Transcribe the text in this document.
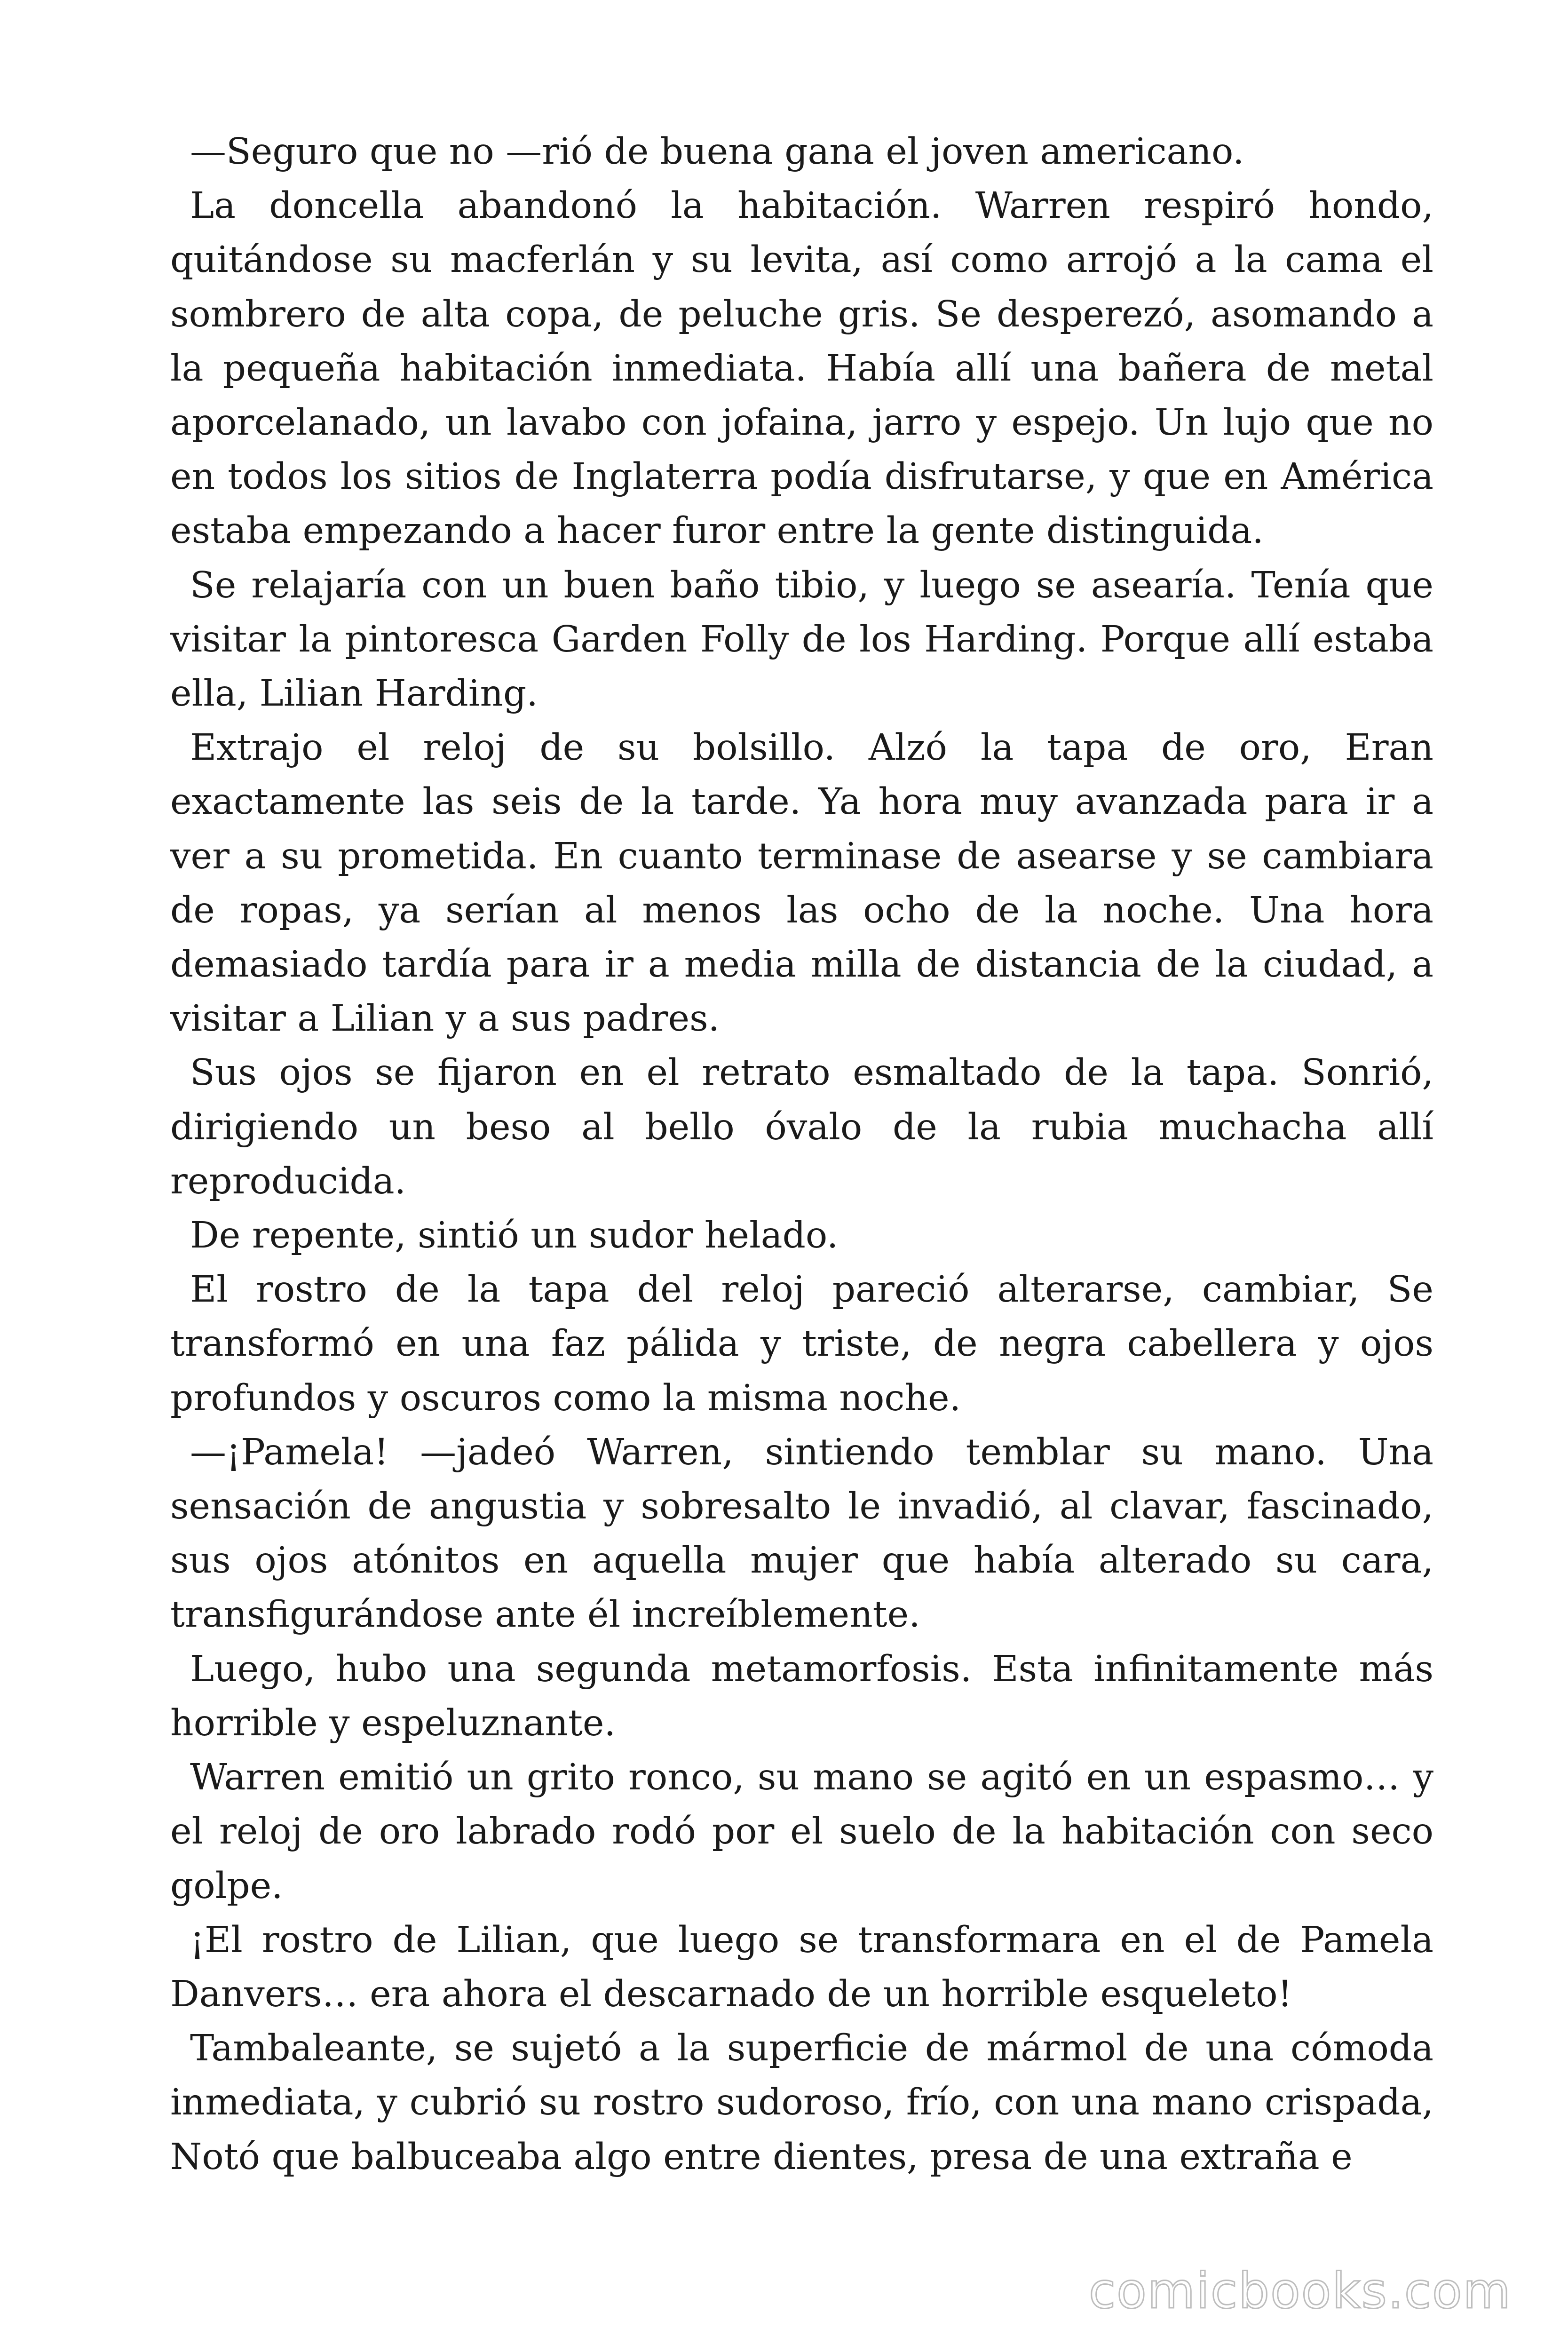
—Seguro que no —rió de buena gana el joven americano.

La doncella abandonó la habitación. Warren respiró hondo, quitándose su macferlán y su levita, así como arrojó a la cama el sombrero de alta copa, de peluche gris. Se desperezó, asomando a la pequeña habitación inmediata. Había allí una bañera de metal aporcelanado, un lavabo con jofaina, jarro y espejo. Un lujo que no en todos los sitios de Inglaterra podía disfrutarse, y que en América estaba empezando a hacer furor entre la gente distinguida.

Se relajaría con un buen baño tibio, y luego se asearía. Tenía que visitar la pintoresca Garden Folly de los Harding. Porque allí estaba ella, Lilian Harding.

Extrajo el reloj de su bolsillo. Alzó la tapa de oro, Eran exactamente las seis de la tarde. Ya hora muy avanzada para ir a ver a su prometida. En cuanto terminase de asearse y se cambiara de ropas, ya serían al menos las ocho de la noche. Una hora demasiado tardía para ir a media milla de distancia de la ciudad, a visitar a Lilian y a sus padres.

Sus ojos se fijaron en el retrato esmaltado de la tapa. Sonrió, dirigiendo un beso al bello óvalo de la rubia muchacha allí reproducida.

De repente, sintió un sudor helado.

El rostro de la tapa del reloj pareció alterarse, cambiar, Se transformó en una faz pálida y triste, de negra cabellera y ojos profundos y oscuros como la misma noche.

—¡Pamela! —jadeó Warren, sintiendo temblar su mano. Una sensación de angustia y sobresalto le invadió, al clavar, fascinado, sus ojos atónitos en aquella mujer que había alterado su cara, transfigurándose ante él increíblemente.

Luego, hubo una segunda metamorfosis. Esta infinitamente más horrible y espeluznante.

Warren emitió un grito ronco, su mano se agitó en un espasmo… y el reloj de oro labrado rodó por el suelo de la habitación con seco golpe.

¡El rostro de Lilian, que luego se transformara en el de Pamela Danvers… era ahora el descarnado de un horrible esqueleto!

Tambaleante, se sujetó a la superficie de mármol de una cómoda inmediata, y cubrió su rostro sudoroso, frío, con una mano crispada, Notó que balbuceaba algo entre dientes, presa de una extraña e

comicbooks.com
